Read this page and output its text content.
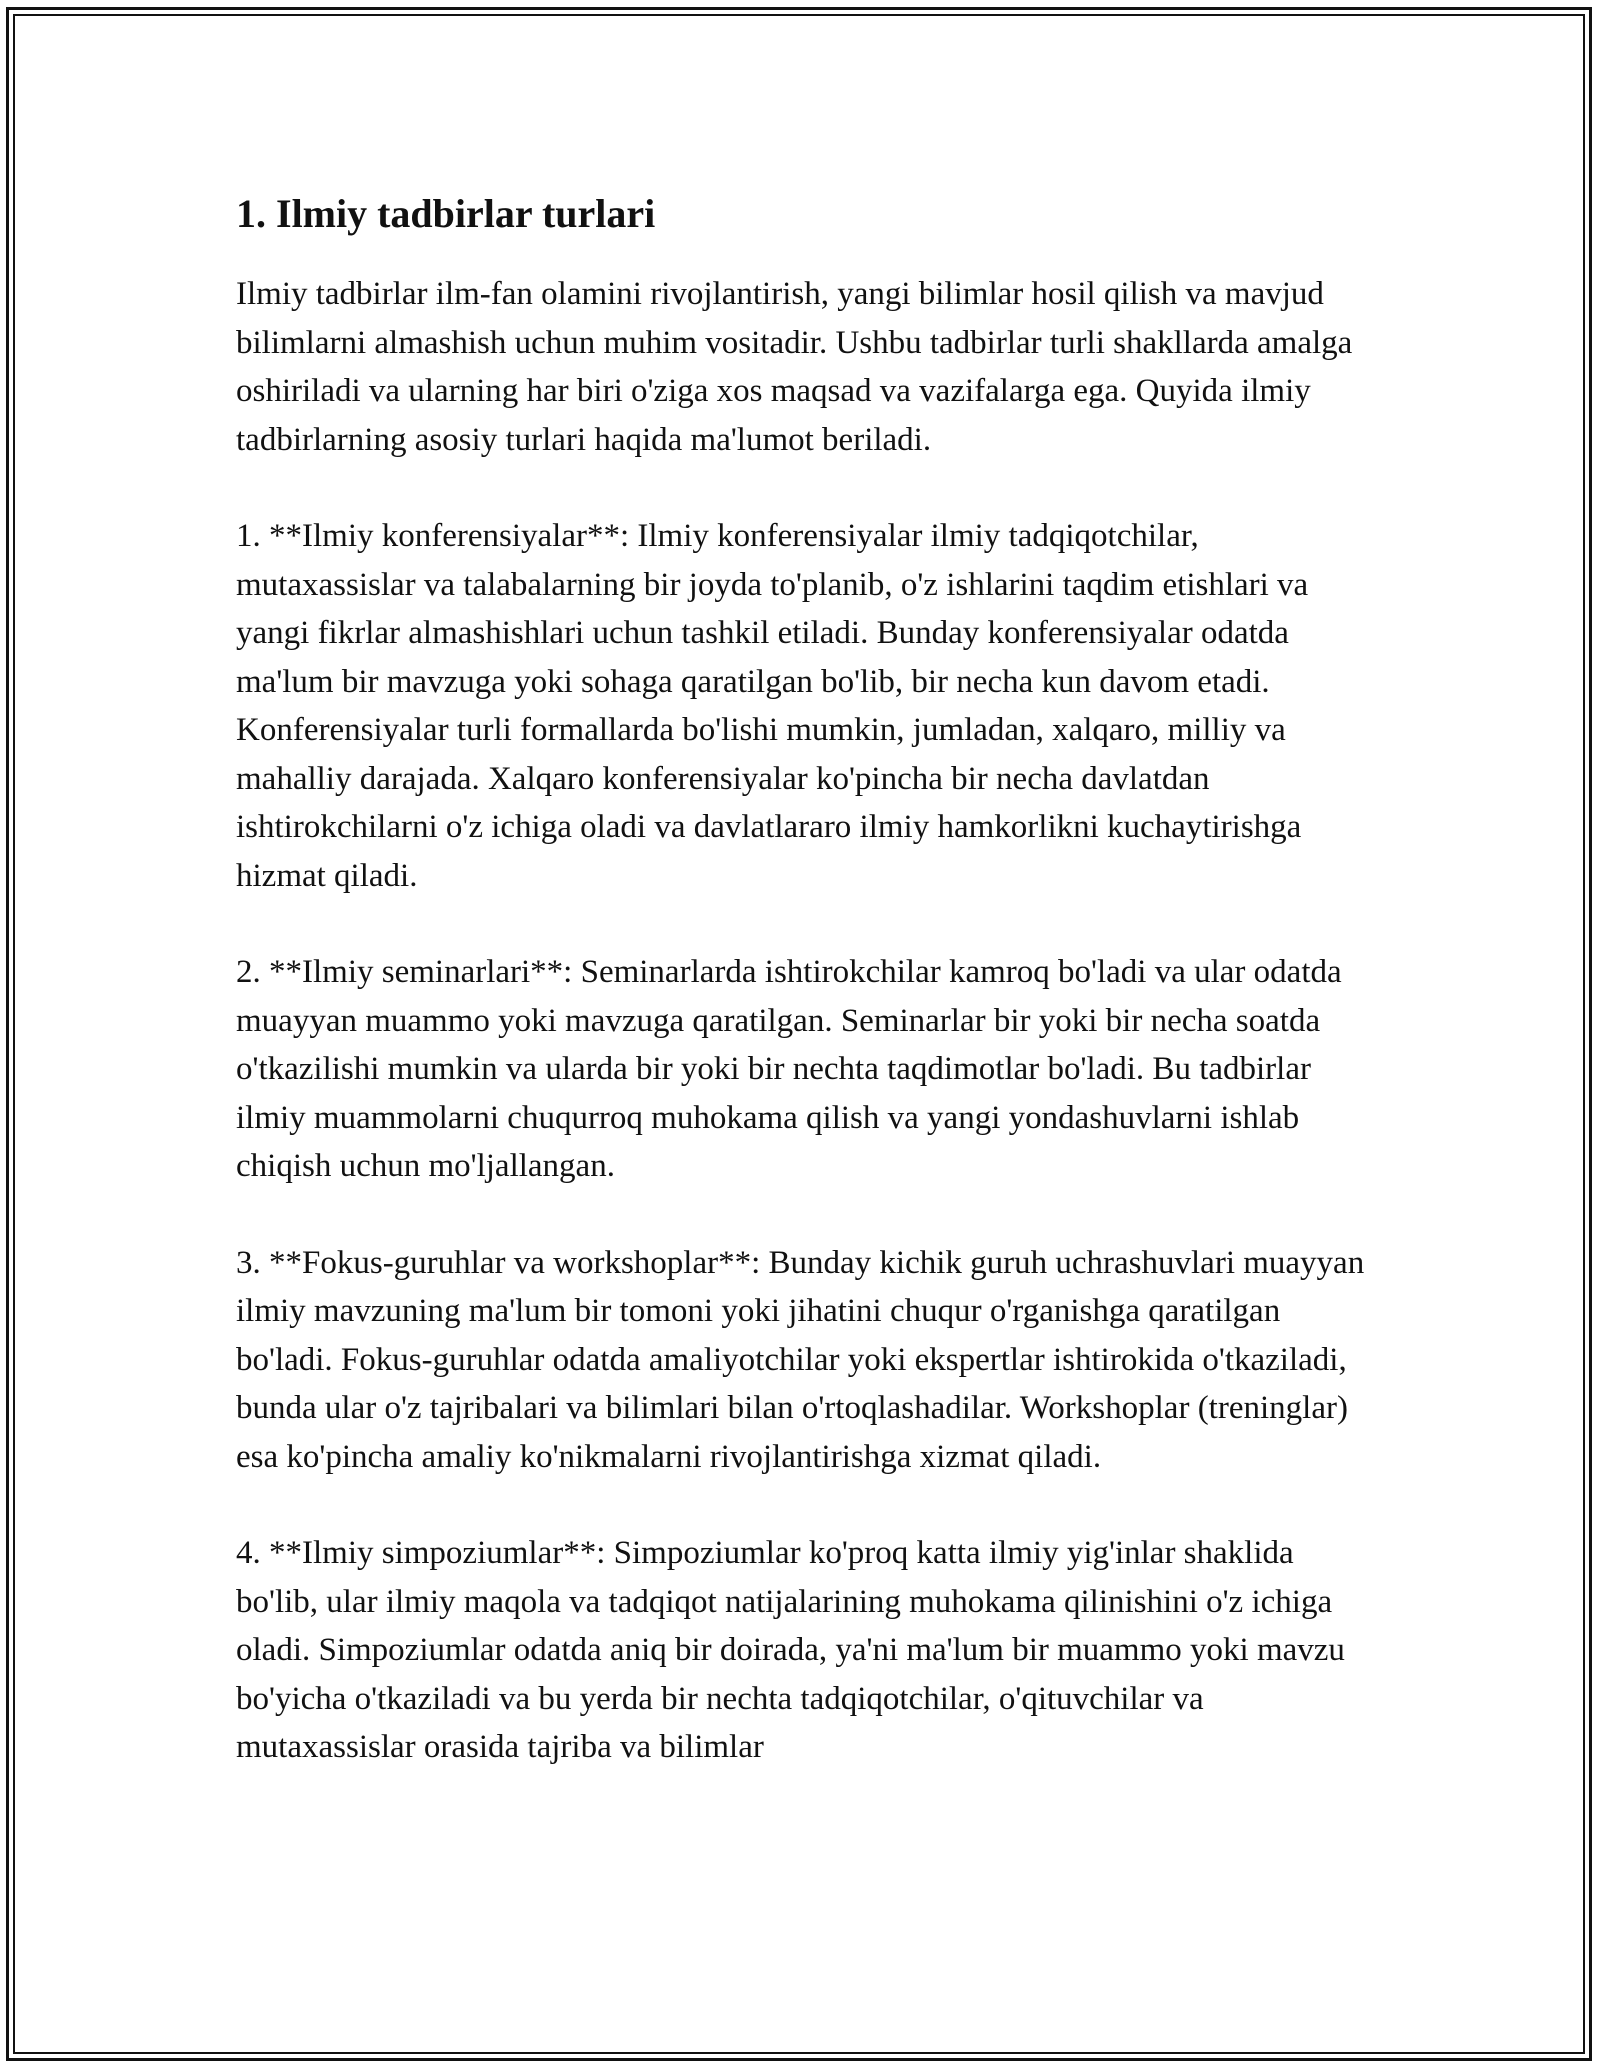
1. Ilmiy tadbirlar turlari

Ilmiy tadbirlar ilm-fan olamini rivojlantirish, yangi bilimlar hosil qilish va mavjud bilimlarni almashish uchun muhim vositadir. Ushbu tadbirlar turli shakllarda amalga oshiriladi va ularning har biri o'ziga xos maqsad va vazifalarga ega. Quyida ilmiy tadbirlarning asosiy turlari haqida ma'lumot beriladi.

1. **Ilmiy konferensiyalar**: Ilmiy konferensiyalar ilmiy tadqiqotchilar, mutaxassislar va talabalarning bir joyda to'planib, o'z ishlarini taqdim etishlari va yangi fikrlar almashishlari uchun tashkil etiladi. Bunday konferensiyalar odatda ma'lum bir mavzuga yoki sohaga qaratilgan bo'lib, bir necha kun davom etadi. Konferensiyalar turli formallarda bo'lishi mumkin, jumladan, xalqaro, milliy va mahalliy darajada. Xalqaro konferensiyalar ko'pincha bir necha davlatdan ishtirokchilarni o'z ichiga oladi va davlatlararo ilmiy hamkorlikni kuchaytirishga hizmat qiladi.

2. **Ilmiy seminarlari**: Seminarlarda ishtirokchilar kamroq bo'ladi va ular odatda muayyan muammo yoki mavzuga qaratilgan. Seminarlar bir yoki bir necha soatda o'tkazilishi mumkin va ularda bir yoki bir nechta taqdimotlar bo'ladi. Bu tadbirlar ilmiy muammolarni chuqurroq muhokama qilish va yangi yondashuvlarni ishlab chiqish uchun mo'ljallangan.

3. **Fokus-guruhlar va workshoplar**: Bunday kichik guruh uchrashuvlari muayyan ilmiy mavzuning ma'lum bir tomoni yoki jihatini chuqur o'rganishga qaratilgan bo'ladi. Fokus-guruhlar odatda amaliyotchilar yoki ekspertlar ishtirokida o'tkaziladi, bunda ular o'z tajribalari va bilimlari bilan o'rtoqlashadilar. Workshoplar (treninglar) esa ko'pincha amaliy ko'nikmalarni rivojlantirishga xizmat qiladi.

4. **Ilmiy simpoziumlar**: Simpoziumlar ko'proq katta ilmiy yig'inlar shaklida bo'lib, ular ilmiy maqola va tadqiqot natijalarining muhokama qilinishini o'z ichiga oladi. Simpoziumlar odatda aniq bir doirada, ya'ni ma'lum bir muammo yoki mavzu bo'yicha o'tkaziladi va bu yerda bir nechta tadqiqotchilar, o'qituvchilar va mutaxassislar orasida tajriba va bilimlar
